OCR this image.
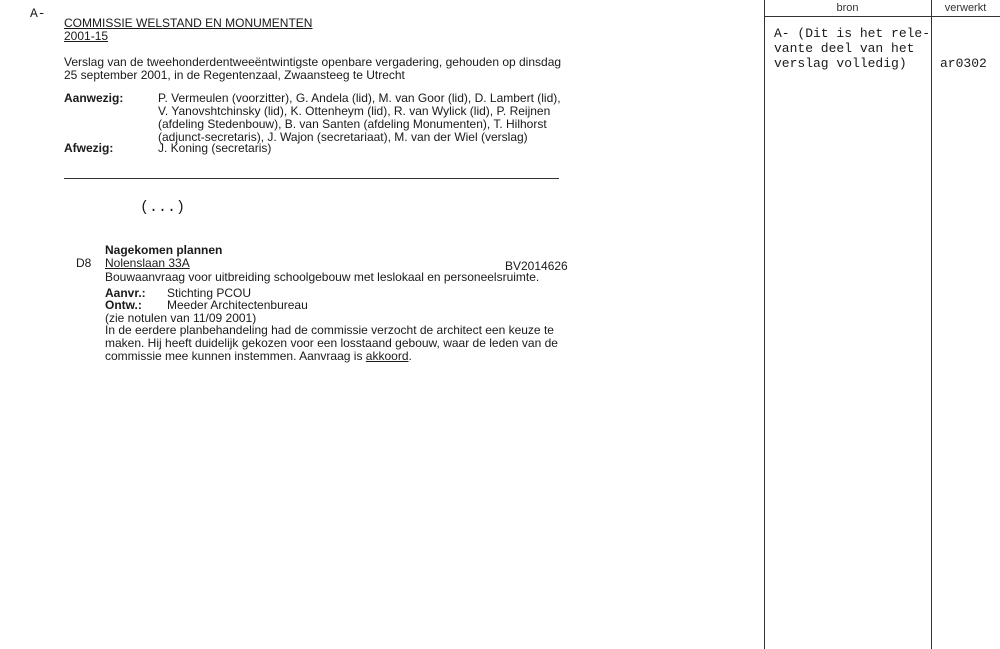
A-
COMMISSIE WELSTAND EN MONUMENTEN
2001-15
Verslag van de tweehonderdentweeëntwintigste openbare vergadering, gehouden op dinsdag
25 september 2001, in de Regentenzaal, Zwaansteeg te Utrecht
Aanwezig:	P. Vermeulen (voorzitter), G. Andela (lid), M. van Goor (lid), D. Lambert (lid),
V. Yanovshtchinsky (lid), K. Ottenheym (lid), R. van Wylick (lid), P. Reijnen
(afdeling Stedenbouw), B. van Santen (afdeling Monumenten), T. Hilhorst
(adjunct-secretaris), J. Wajon (secretariaat), M. van der Wiel (verslag)
Afwezig:	J. Koning (secretaris)
(...)
Nagekomen plannen
D8 Nolenslaan 33A	BV2014626
Bouwaanvraag voor uitbreiding schoolgebouw met leslokaal en personeelsruimte.
Aanvr.: Stichting PCOU
Ontw.: Meeder Architectenbureau
(zie notulen van 11/09 2001)
In de eerdere planbehandeling had de commissie verzocht de architect een keuze te
maken. Hij heeft duidelijk gekozen voor een losstaand gebouw, waar de leden van de
commissie mee kunnen instemmen. Aanvraag is akkoord.
bron	verwerkt
A- (Dit is het rele-
vante deel van het
verslag volledig)	ar0302
